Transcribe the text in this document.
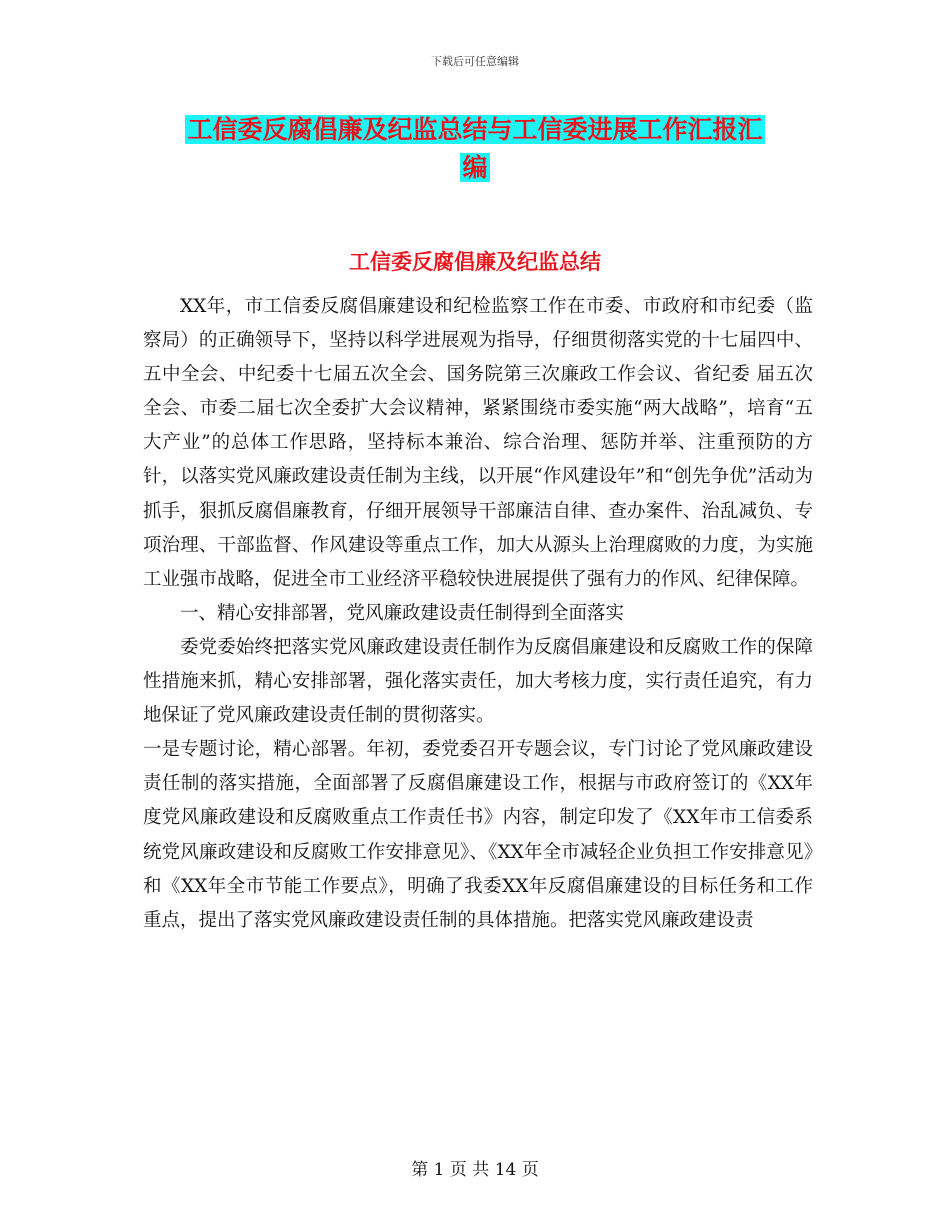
下载后可任意编辑
工信委反腐倡廉及纪监总结与工信委进展工作汇报汇
编
工信委反腐倡廉及纪监总结

XX年，市工信委反腐倡廉建设和纪检监察工作在市委、市政府和市纪委（监察局）的正确领导下，坚持以科学进展观为指导，仔细贯彻落实党的十七届四中、五中全会、中纪委十七届五次全会、国务院第三次廉政工作会议、省纪委 届五次全会、市委二届七次全委扩大会议精神，紧紧围绕市委实施“两大战略”，培育“五大产业”的总体工作思路，坚持标本兼治、综合治理、惩防并举、注重预防的方针，以落实党风廉政建设责任制为主线，以开展“作风建设年”和“创先争优”活动为抓手，狠抓反腐倡廉教育，仔细开展领导干部廉洁自律、查办案件、治乱减负、专项治理、干部监督、作风建设等重点工作，加大从源头上治理腐败的力度，为实施工业强市战略，促进全市工业经济平稳较快进展提供了强有力的作风、纪律保障。

一、精心安排部署，党风廉政建设责任制得到全面落实

委党委始终把落实党风廉政建设责任制作为反腐倡廉建设和反腐败工作的保障性措施来抓，精心安排部署，强化落实责任，加大考核力度，实行责任追究，有力地保证了党风廉政建设责任制的贯彻落实。

一是专题讨论，精心部署。年初，委党委召开专题会议，专门讨论了党风廉政建设责任制的落实措施，全面部署了反腐倡廉建设工作，根据与市政府签订的《XX年度党风廉政建设和反腐败重点工作责任书》内容，制定印发了《XX年市工信委系统党风廉政建设和反腐败工作安排意见》、《XX年全市减轻企业负担工作安排意见》和《XX年全市节能工作要点》，明确了我委XX年反腐倡廉建设的目标任务和工作重点，提出了落实党风廉政建设责任制的具体措施。把落实党风廉政建设责

第 1 页 共 14 页
